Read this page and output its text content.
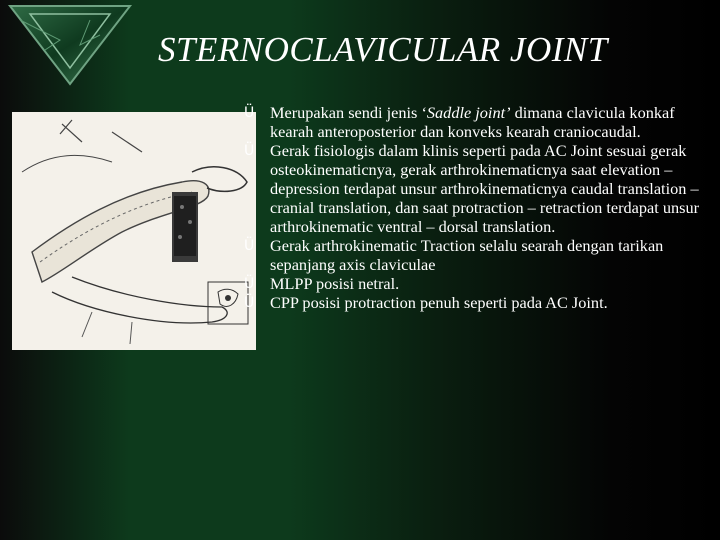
STERNOCLAVICULAR JOINT
Ü Merupakan sendi jenis ‘Saddle joint’ dimana clavicula konkaf kearah anteroposterior dan konveks kearah craniocaudal.
Ü Gerak fisiologis dalam klinis seperti pada AC Joint sesuai gerak osteokinematicnya, gerak arthrokinematicnya saat elevation – depression terdapat unsur arthrokinematicnya caudal translation – cranial translation, dan saat protraction – retraction terdapat unsur arthrokinematic ventral – dorsal translation.
Ü Gerak arthrokinematic Traction selalu searah dengan tarikan sepanjang axis claviculae
Ü MLPP posisi netral.
Ü CPP posisi protraction penuh seperti pada AC Joint.
